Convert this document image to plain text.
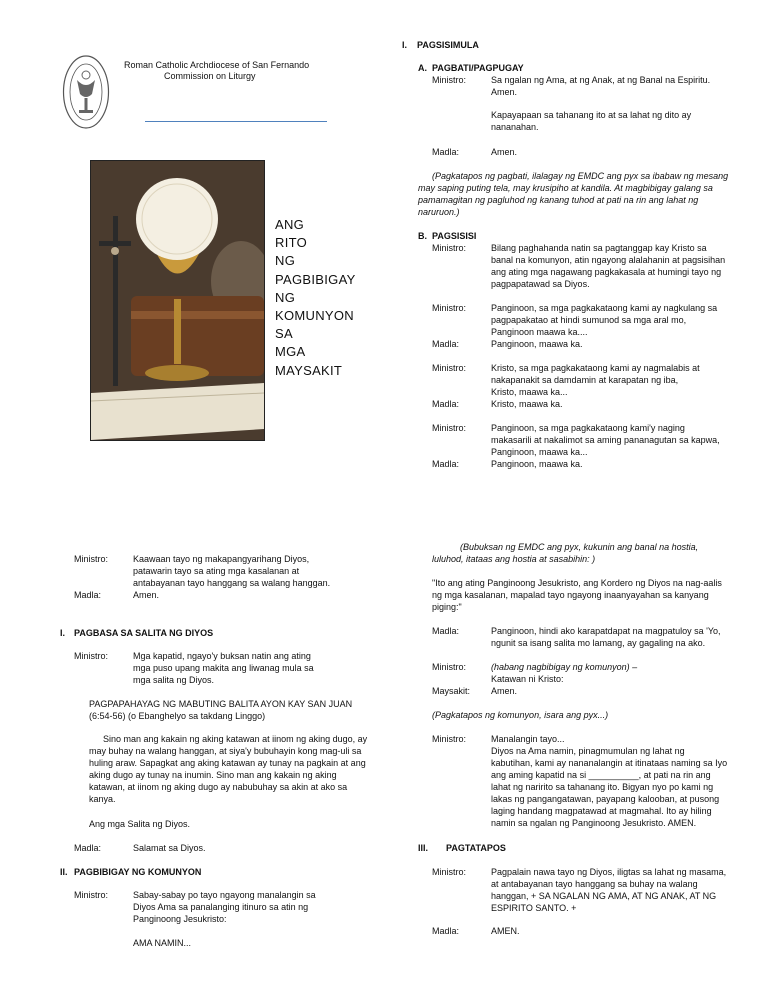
Roman Catholic Archdiocese of San Fernando
Commission on Liturgy
ANG
RITO
NG
PAGBIBIGAY
NG
KOMUNYON
SA
MGA
MAYSAKIT
I. PAGSISIMULA
A. PAGBATI/PAGPUGAY
Ministro:	Sa ngalan ng Ama, at ng Anak, at ng Banal na Espiritu.
Amen.
Kapayapaan sa tahanang ito at sa lahat ng dito ay
nananahan.
Madla:	Amen.
(Pagkatapos ng pagbati, ilalagay ng EMDC ang pyx sa ibabaw ng mesang
may saping puting tela, may krusipiho at kandila. At magbibigay galang sa
pamamagitan ng pagluhod ng kanang tuhod at pati na rin ang lahat ng
naruruon.)
B. PAGSISISI
Ministro:	Bilang paghahanda natin sa pagtanggap kay Kristo sa
banal na komunyon, atin ngayong alalahanin at pagsisihan
ang ating mga nagawang pagkakasala at humingi tayo ng
pagpapatawad sa Diyos.
Ministro:	Panginoon, sa mga pagkakataong kami ay nagkulang sa
pagpapakatao at hindi sumunod sa mga aral mo,
Panginoon maawa ka....
Madla:	Panginoon, maawa ka.
Ministro:	Kristo, sa mga pagkakataong kami ay nagmalabis at
nakapanakit sa damdamin at karapatan ng iba,
Kristo, maawa ka...
Madla:	Kristo, maawa ka.
Ministro:	Panginoon, sa mga pagkakataong kami'y naging
makasarili at nakalimot sa aming pananagutan sa kapwa,
Panginoon, maawa ka...
Madla:	Panginoon, maawa ka.
Ministro:	Kaawaan tayo ng makapangyarihang Diyos,
patawarin tayo sa ating mga kasalanan at
antabayanan tayo hanggang sa walang hanggan.
Madla:	Amen.
I. PAGBASA SA SALITA NG DIYOS
Ministro:	Mga kapatid, ngayo'y buksan natin ang ating
mga puso upang makita ang liwanag mula sa
mga salita ng Diyos.
PAGPAPAHAYAG NG MABUTING BALITA AYON KAY SAN JUAN
(6:54-56) (o Ebanghelyo sa takdang Linggo)
Sino man ang kakain ng aking katawan at iinom ng aking dugo, ay
may buhay na walang hanggan, at siya'y bubuhayin kong mag-uli sa
huling araw. Sapagkat ang aking katawan ay tunay na pagkain at ang
aking dugo ay tunay na inumin. Sino man ang kakain ng aking
katawan, at iinom ng aking dugo ay nabubuhay sa akin at ako sa
kanya.
Ang mga Salita ng Diyos.
Madla:	Salamat sa Diyos.
II. PAGBIBIGAY NG KOMUNYON
Ministro:	Sabay-sabay po tayo ngayong manalangin sa
Diyos Ama sa panalanging itinuro sa atin ng
Panginoong Jesukristo:
AMA NAMIN...
(Bubuksan ng EMDC ang pyx, kukunin ang banal na hostia,
luluhod, itataas ang hostia at sasabihin: )
"Ito ang ating Panginoong Jesukristo, ang Kordero ng Diyos na nag-aalis
ng mga kasalanan, mapalad tayo ngayong inaanyayahan sa kanyang
piging:"
Madla:	Panginoon, hindi ako karapatdapat na magpatuloy sa 'Yo,
ngunit sa isang salita mo lamang, ay gagaling na ako.
Ministro:	(habang nagbibigay ng komunyon) –
Katawan ni Kristo:
Maysakit:	Amen.
(Pagkatapos ng komunyon, isara ang pyx...)
Ministro:	Manalangin tayo...
Diyos na Ama namin, pinagmumulan ng lahat ng
kabutihan, kami ay nananalangin at itinataas naming sa Iyo
ang aming kapatid na si __________, at pati na rin ang
lahat ng naririto sa tahanang ito. Bigyan nyo po kami ng
lakas ng pangangatawan, payapang kalooban, at pusong
laging handang magpatawad at magmahal. Ito ay hiling
namin sa ngalan ng Panginoong Jesukristo. AMEN.
III. PAGTATAPOS
Ministro:	Pagpalain nawa tayo ng Diyos, iligtas sa lahat ng masama,
at antabayanan tayo hanggang sa buhay na walang
hanggan, + SA NGALAN NG AMA, AT NG ANAK, AT NG
ESPIRITO SANTO. +
Madla:	AMEN.
